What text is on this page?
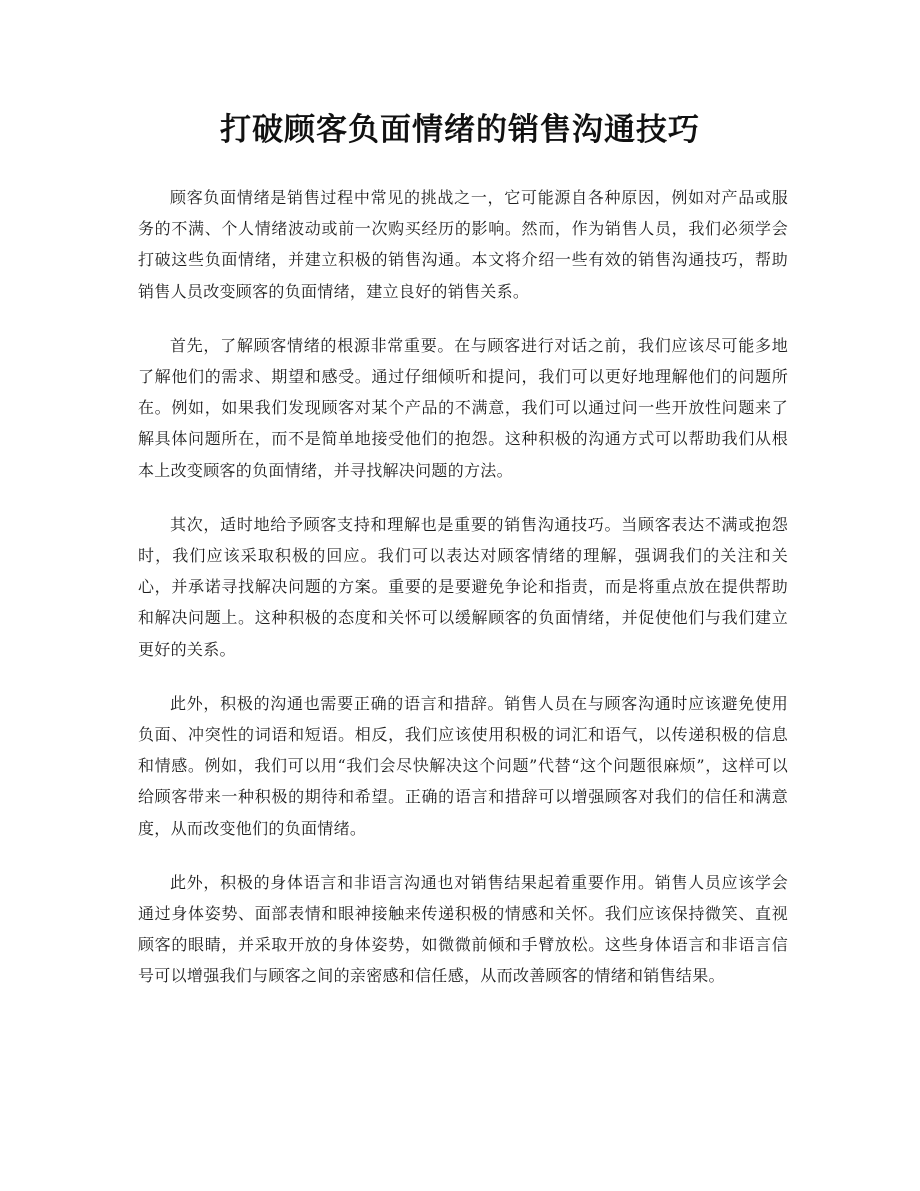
打破顾客负面情绪的销售沟通技巧

顾客负面情绪是销售过程中常见的挑战之一，它可能源自各种原因，例如对产品或服务的不满、个人情绪波动或前一次购买经历的影响。然而，作为销售人员，我们必须学会打破这些负面情绪，并建立积极的销售沟通。本文将介绍一些有效的销售沟通技巧，帮助销售人员改变顾客的负面情绪，建立良好的销售关系。

首先，了解顾客情绪的根源非常重要。在与顾客进行对话之前，我们应该尽可能多地了解他们的需求、期望和感受。通过仔细倾听和提问，我们可以更好地理解他们的问题所在。例如，如果我们发现顾客对某个产品的不满意，我们可以通过问一些开放性问题来了解具体问题所在，而不是简单地接受他们的抱怨。这种积极的沟通方式可以帮助我们从根本上改变顾客的负面情绪，并寻找解决问题的方法。

其次，适时地给予顾客支持和理解也是重要的销售沟通技巧。当顾客表达不满或抱怨时，我们应该采取积极的回应。我们可以表达对顾客情绪的理解，强调我们的关注和关心，并承诺寻找解决问题的方案。重要的是要避免争论和指责，而是将重点放在提供帮助和解决问题上。这种积极的态度和关怀可以缓解顾客的负面情绪，并促使他们与我们建立更好的关系。

此外，积极的沟通也需要正确的语言和措辞。销售人员在与顾客沟通时应该避免使用负面、冲突性的词语和短语。相反，我们应该使用积极的词汇和语气，以传递积极的信息和情感。例如，我们可以用“我们会尽快解决这个问题”代替“这个问题很麻烦”，这样可以给顾客带来一种积极的期待和希望。正确的语言和措辞可以增强顾客对我们的信任和满意度，从而改变他们的负面情绪。

此外，积极的身体语言和非语言沟通也对销售结果起着重要作用。销售人员应该学会通过身体姿势、面部表情和眼神接触来传递积极的情感和关怀。我们应该保持微笑、直视顾客的眼睛，并采取开放的身体姿势，如微微前倾和手臂放松。这些身体语言和非语言信号可以增强我们与顾客之间的亲密感和信任感，从而改善顾客的情绪和销售结果。
